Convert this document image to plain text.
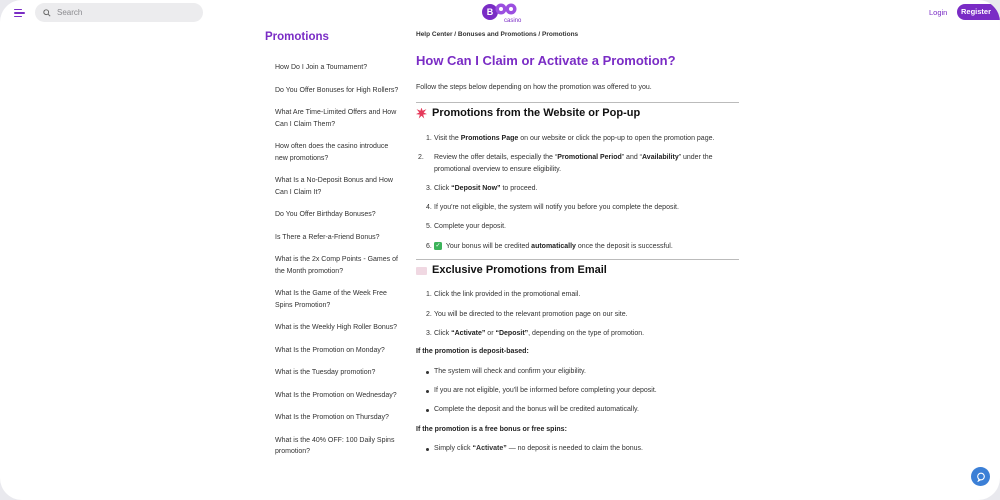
Search
B
casino
Login	Register
Promotions
How Do I Join a Tournament?
Do You Offer Bonuses for High Rollers?
What Are Time-Limited Offers and How Can I Claim Them?
How often does the casino introduce new promotions?
What Is a No-Deposit Bonus and How Can I Claim It?
Do You Offer Birthday Bonuses?
Is There a Refer-a-Friend Bonus?
What is the 2x Comp Points - Games of the Month promotion?
What Is the Game of the Week Free Spins Promotion?
What is the Weekly High Roller Bonus?
What Is the Promotion on Monday?
What is the Tuesday promotion?
What Is the Promotion on Wednesday?
What Is the Promotion on Thursday?
What is the 40% OFF: 100 Daily Spins promotion?
Help Center / Bonuses and Promotions / Promotions
How Can I Claim or Activate a Promotion?
Follow the steps below depending on how the promotion was offered to you.
Promotions from the Website or Pop-up
1. Visit the Promotions Page on our website or click the pop-up to open the promotion page.
2. Review the offer details, especially the “Promotional Period” and “Availability” under the promotional overview to ensure eligibility.
3. Click “Deposit Now” to proceed.
4. If you're not eligible, the system will notify you before you complete the deposit.
5. Complete your deposit.
6. ✓ Your bonus will be credited automatically once the deposit is successful.
Exclusive Promotions from Email
1. Click the link provided in the promotional email.
2. You will be directed to the relevant promotion page on our site.
3. Click “Activate” or “Deposit”, depending on the type of promotion.
If the promotion is deposit-based:
The system will check and confirm your eligibility.
If you are not eligible, you'll be informed before completing your deposit.
Complete the deposit and the bonus will be credited automatically.
If the promotion is a free bonus or free spins:
Simply click “Activate” — no deposit is needed to claim the bonus.
